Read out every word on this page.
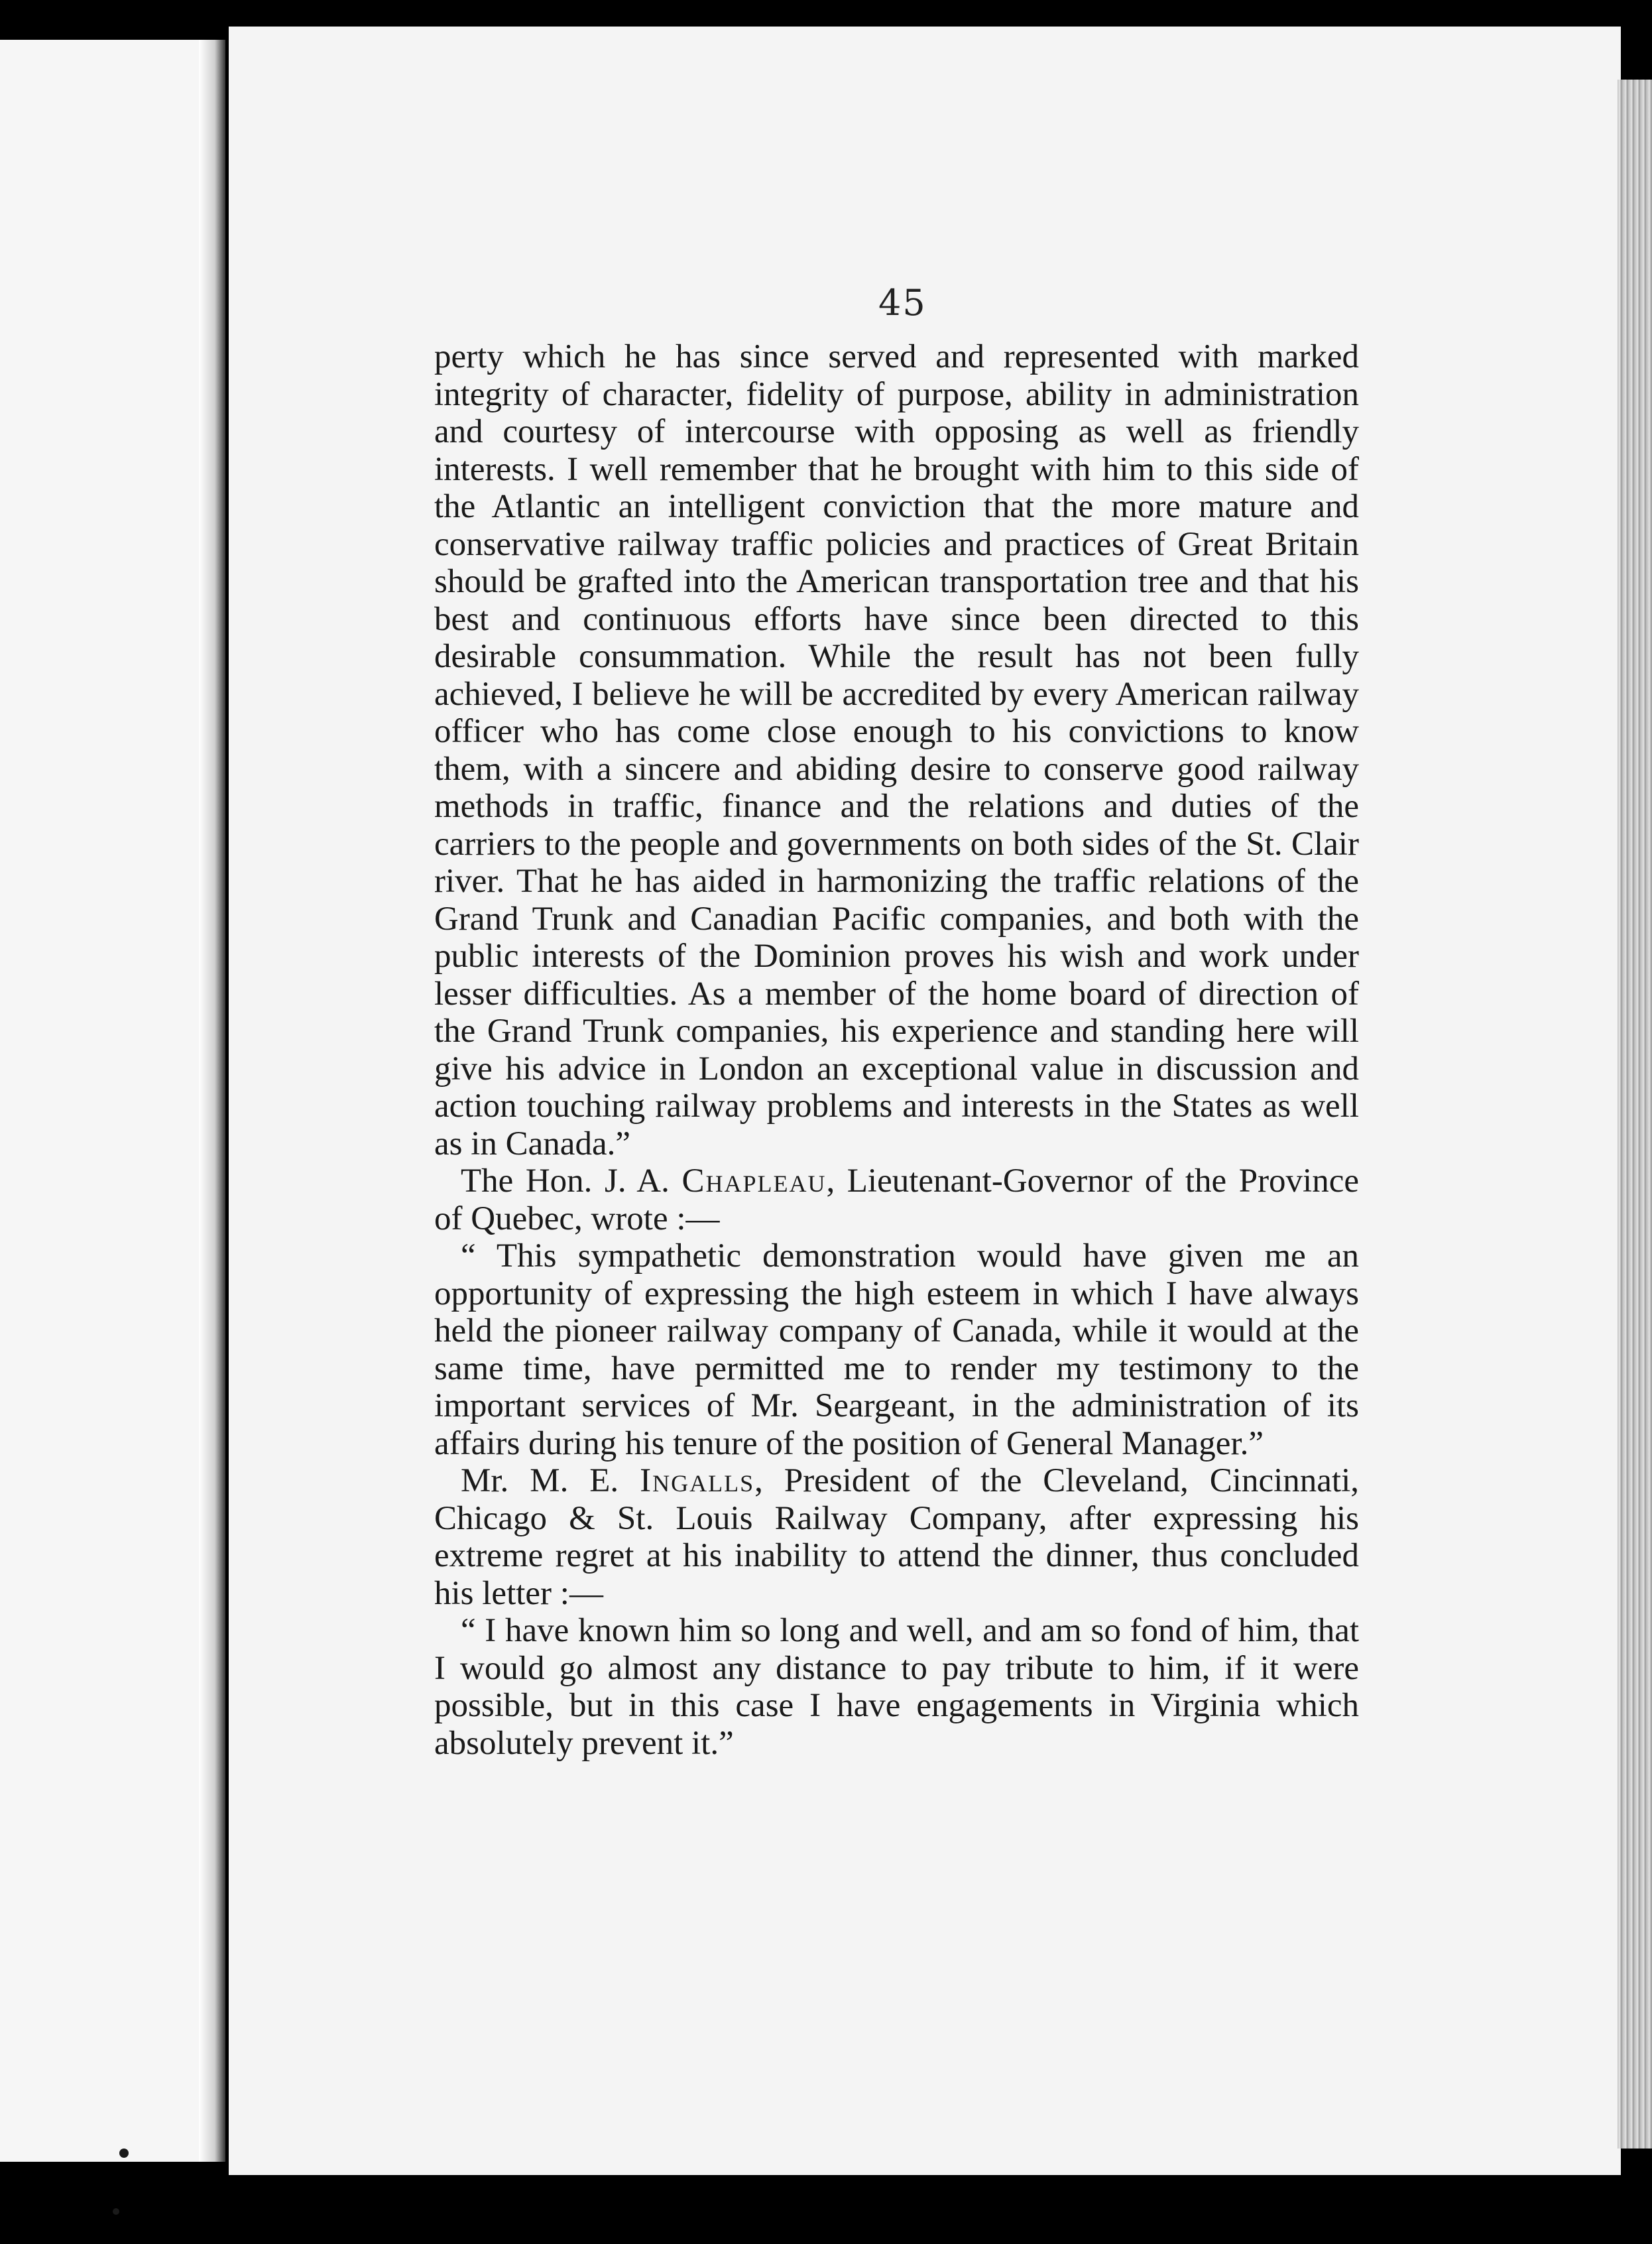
45

perty which he has since served and represented with marked integrity of character, fidelity of purpose, ability in administration and courtesy of intercourse with opposing as well as friendly interests. I well remember that he brought with him to this side of the Atlantic an intelligent conviction that the more mature and conservative railway traffic policies and practices of Great Britain should be grafted into the American transportation tree and that his best and continuous efforts have since been directed to this desirable consummation. While the result has not been fully achieved, I believe he will be accredited by every American railway officer who has come close enough to his convictions to know them, with a sincere and abiding desire to conserve good railway methods in traffic, finance and the relations and duties of the carriers to the people and governments on both sides of the St. Clair river. That he has aided in harmonizing the traffic relations of the Grand Trunk and Canadian Pacific companies, and both with the public interests of the Dominion proves his wish and work under lesser difficulties. As a member of the home board of direction of the Grand Trunk companies, his experience and standing here will give his advice in London an exceptional value in discussion and action touching railway problems and interests in the States as well as in Canada.”

The Hon. J. A. Chapleau, Lieutenant-Governor of the Province of Quebec, wrote :—

“ This sympathetic demonstration would have given me an opportunity of expressing the high esteem in which I have always held the pioneer railway company of Canada, while it would at the same time, have permitted me to render my testimony to the important services of Mr. Seargeant, in the administration of its affairs during his tenure of the position of General Manager.”

Mr. M. E. Ingalls, President of the Cleveland, Cincinnati, Chicago & St. Louis Railway Company, after expressing his extreme regret at his inability to attend the dinner, thus concluded his letter :—

“ I have known him so long and well, and am so fond of him, that I would go almost any distance to pay tribute to him, if it were possible, but in this case I have engagements in Virginia which absolutely prevent it.”
